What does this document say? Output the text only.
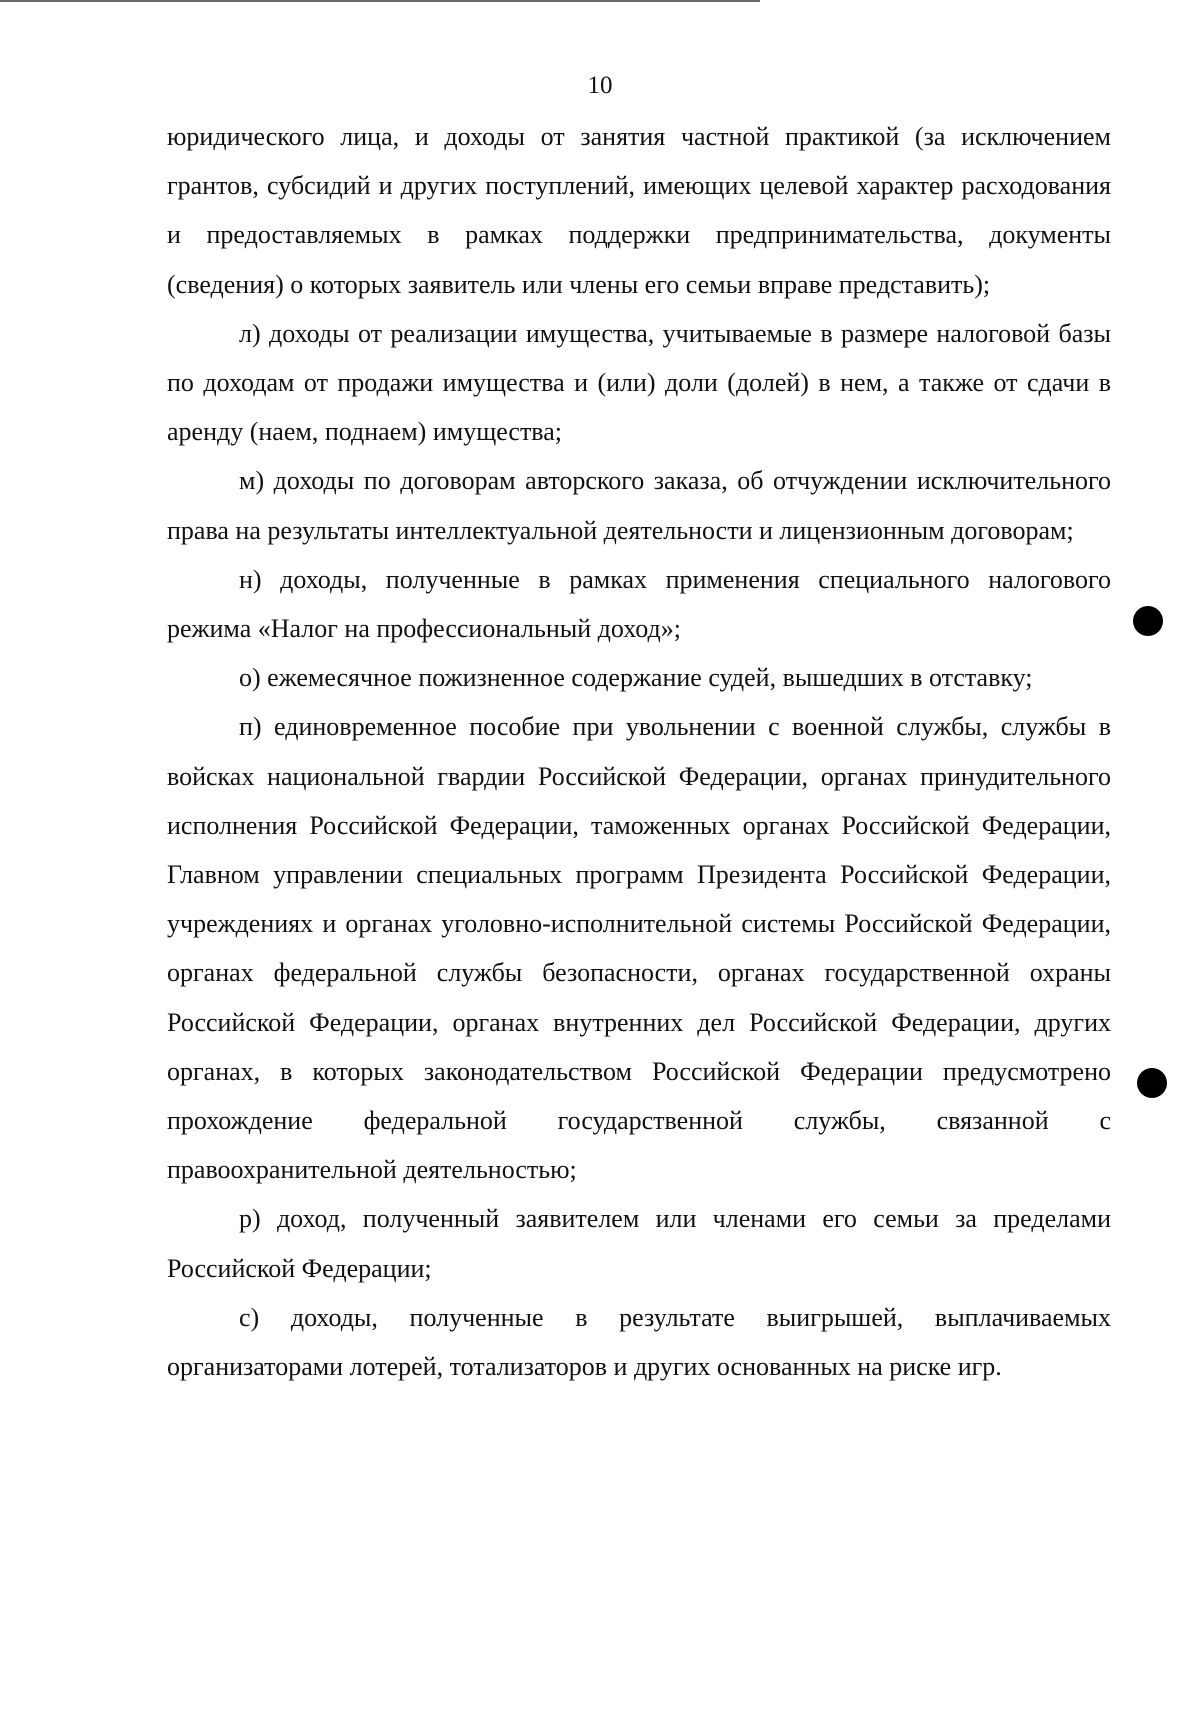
10

юридического лица, и доходы от занятия частной практикой (за исключением грантов, субсидий и других поступлений, имеющих целевой характер расходования и предоставляемых в рамках поддержки предпринимательства, документы (сведения) о которых заявитель или члены его семьи вправе представить);

л) доходы от реализации имущества, учитываемые в размере налоговой базы по доходам от продажи имущества и (или) доли (долей) в нем, а также от сдачи в аренду (наем, поднаем) имущества;

м) доходы по договорам авторского заказа, об отчуждении исключительного права на результаты интеллектуальной деятельности и лицензионным договорам;

н) доходы, полученные в рамках применения специального налогового режима «Налог на профессиональный доход»;

о) ежемесячное пожизненное содержание судей, вышедших в отставку;

п) единовременное пособие при увольнении с военной службы, службы в войсках национальной гвардии Российской Федерации, органах принудительного исполнения Российской Федерации, таможенных органах Российской Федерации, Главном управлении специальных программ Президента Российской Федерации, учреждениях и органах уголовно-исполнительной системы Российской Федерации, органах федеральной службы безопасности, органах государственной охраны Российской Федерации, органах внутренних дел Российской Федерации, других органах, в которых законодательством Российской Федерации предусмотрено прохождение федеральной государственной службы, связанной с правоохранительной деятельностью;

р) доход, полученный заявителем или членами его семьи за пределами Российской Федерации;

с) доходы, полученные в результате выигрышей, выплачиваемых организаторами лотерей, тотализаторов и других основанных на риске игр.
